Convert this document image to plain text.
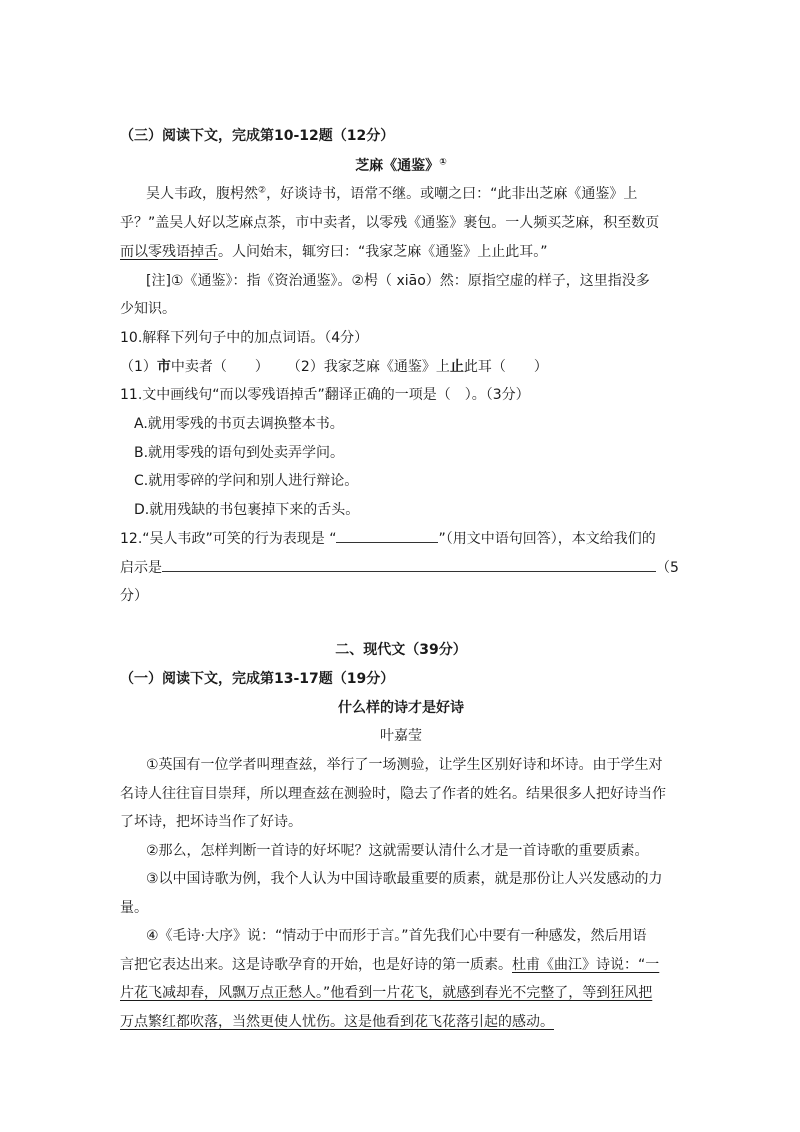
（三）阅读下文，完成第10-12题（12分）
芝麻《通鉴》①
吴人韦政，腹枵然②，好谈诗书，语常不继。或嘲之曰：“此非出芝麻《通鉴》上
乎？”盖吴人好以芝麻点茶，市中卖者，以零残《通鉴》裹包。一人频买芝麻，积至数页
而以零残语掉舌。人问始末，辄穷曰：“我家芝麻《通鉴》上止此耳。”
[注]①《通鉴》：指《资治通鉴》。②枵（ xiāo）然：原指空虚的样子，这里指没多
少知识。
10.解释下列句子中的加点词语。（4分）
（1）市中卖者（　　） （2）我家芝麻《通鉴》上止此耳（　　）
11.文中画线句“而以零残语掉舌”翻译正确的一项是（　）。（3分）
A.就用零残的书页去调换整本书。
B.就用零残的语句到处卖弄学问。
C.就用零碎的学问和别人进行辩论。
D.就用残缺的书包裹掉下来的舌头。
12.“吴人韦政”可笑的行为表现是 “	”（用文中语句回答），本文给我们的
启示是	（5
分）
二、现代文（39分）
（一）阅读下文，完成第13-17题（19分）
什么样的诗才是好诗
叶嘉莹
①英国有一位学者叫理查兹，举行了一场测验，让学生区别好诗和坏诗。由于学生对
名诗人往往盲目崇拜，所以理查兹在测验时，隐去了作者的姓名。结果很多人把好诗当作
了坏诗，把坏诗当作了好诗。
②那么，怎样判断一首诗的好坏呢？这就需要认清什么才是一首诗歌的重要质素。
③以中国诗歌为例，我个人认为中国诗歌最重要的质素，就是那份让人兴发感动的力
量。
④《毛诗·大序》说：“情动于中而形于言。”首先我们心中要有一种感发，然后用语
言把它表达出来。这是诗歌孕育的开始，也是好诗的第一质素。杜甫《曲江》诗说：“一
片花飞减却春，风飘万点正愁人。”他看到一片花飞，就感到春光不完整了，等到狂风把
万点繁红都吹落，当然更使人忧伤。这是他看到花飞花落引起的感动。
